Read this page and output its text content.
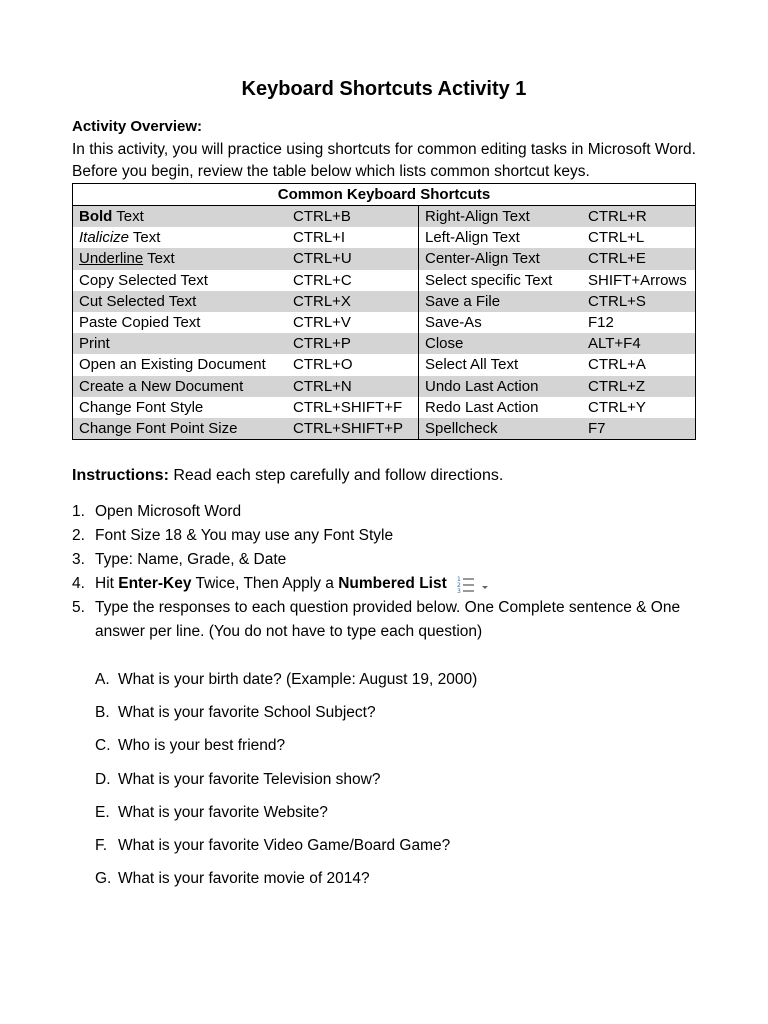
Keyboard Shortcuts Activity 1
Activity Overview:
In this activity, you will practice using shortcuts for common editing tasks in Microsoft Word. Before you begin, review the table below which lists common shortcut keys.
Common Keyboard Shortcuts			
Bold Text	CTRL+B	Right-Align Text	CTRL+R
Italicize Text	CTRL+I	Left-Align Text	CTRL+L
Underline Text	CTRL+U	Center-Align Text	CTRL+E
Copy Selected Text	CTRL+C	Select specific Text	SHIFT+Arrows
Cut Selected Text	CTRL+X	Save a File	CTRL+S
Paste Copied Text	CTRL+V	Save-As	F12
Print	CTRL+P	Close	ALT+F4
Open an Existing Document	CTRL+O	Select All Text	CTRL+A
Create a New Document	CTRL+N	Undo Last Action	CTRL+Z
Change Font Style	CTRL+SHIFT+F	Redo Last Action	CTRL+Y
Change Font Point Size	CTRL+SHIFT+P	Spellcheck	F7
Instructions: Read each step carefully and follow directions.
1. Open Microsoft Word
2. Font Size 18 & You may use any Font Style
3. Type: Name, Grade, & Date
4. Hit Enter-Key Twice, Then Apply a Numbered List 1
2
3
5. Type the responses to each question provided below. One Complete sentence & One answer per line. (You do not have to type each question)
A. What is your birth date? (Example: August 19, 2000)
B. What is your favorite School Subject?
C. Who is your best friend?
D. What is your favorite Television show?
E. What is your favorite Website?
F. What is your favorite Video Game/Board Game?
G. What is your favorite movie of 2014?
